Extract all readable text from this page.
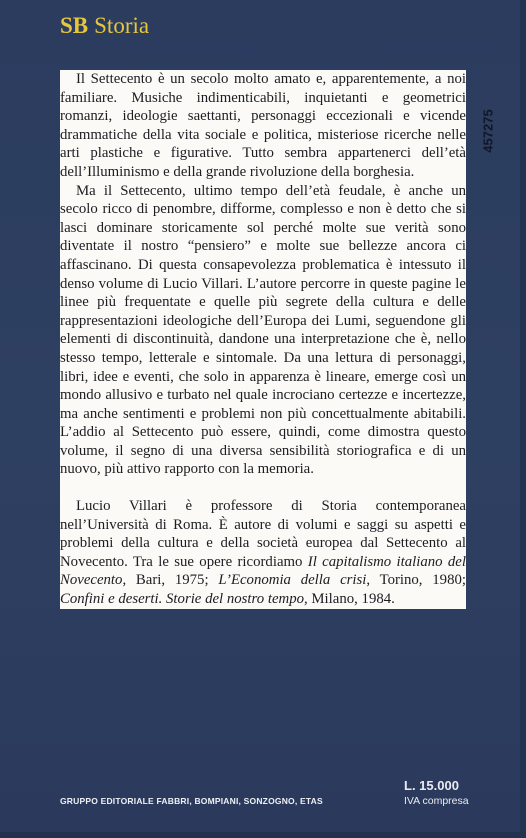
SB Storia

Il Settecento è un secolo molto amato e, apparentemente, a noi familiare. Musiche indimenticabili, inquietanti e geometrici romanzi, ideologie saettanti, personaggi eccezionali e vicende drammatiche della vita sociale e politica, misteriose ricerche nelle arti plastiche e figurative. Tutto sembra appartenerci dell’età dell’Illuminismo e della grande rivoluzione della borghesia.

Ma il Settecento, ultimo tempo dell’età feudale, è anche un secolo ricco di penombre, difforme, complesso e non è detto che si lasci dominare storicamente sol perché molte sue verità sono diventate il nostro “pensiero” e molte sue bellezze ancora ci affascinano. Di questa consapevolezza problematica è intessuto il denso volume di Lucio Villari. L’autore percorre in queste pagine le linee più frequentate e quelle più segrete della cultura e delle rappresentazioni ideologiche dell’Europa dei Lumi, seguendone gli elementi di discontinuità, dandone una interpretazione che è, nello stesso tempo, letterale e sintomale. Da una lettura di personaggi, libri, idee e eventi, che solo in apparenza è lineare, emerge così un mondo allusivo e turbato nel quale incrociano certezze e incertezze, ma anche sentimenti e problemi non più concettualmente abitabili. L’addio al Settecento può essere, quindi, come dimostra questo volume, il segno di una diversa sensibilità storiografica e di un nuovo, più attivo rapporto con la memoria.

Lucio Villari è professore di Storia contemporanea nell’Università di Roma. È autore di volumi e saggi su aspetti e problemi della cultura e della società europea dal Settecento al Novecento. Tra le sue opere ricordiamo Il capitalismo italiano del Novecento, Bari, 1975; L’Economia della crisi, Torino, 1980; Confini e deserti. Storie del nostro tempo, Milano, 1984.

457275
GRUPPO EDITORIALE FABBRI, BOMPIANI, SONZOGNO, ETAS
L. 15.000
IVA compresa
